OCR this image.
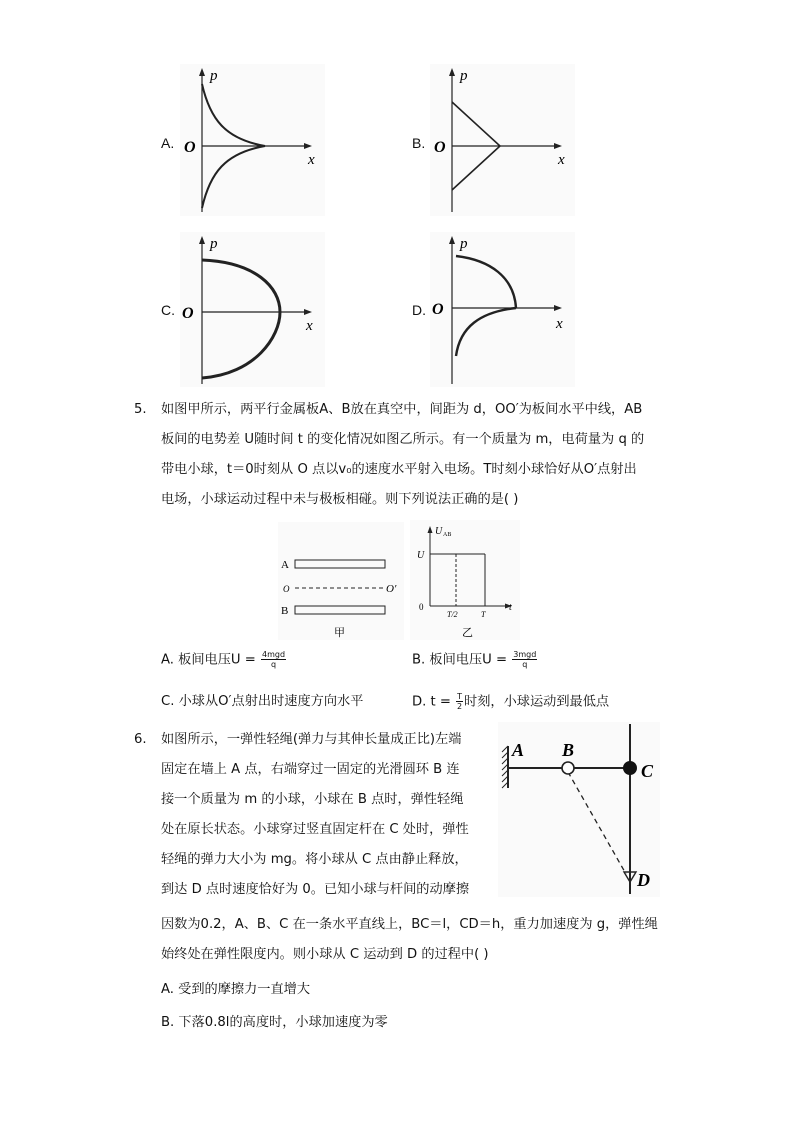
A.
p
O
x
B.
p
O
x
C.
p
O
x
D.
p
O
x
5. 如图甲所示，两平行金属板A、B放在真空中，间距为 d，OO′为板间水平中线，AB
板间的电势差 U随时间 t 的变化情况如图乙所示。有一个质量为 m，电荷量为 q 的
带电小球，t＝0时刻从 O 点以v₀的速度水平射入电场。T时刻小球恰好从O′点射出
电场，小球运动过程中未与极板相碰。则下列说法正确的是( )
A
B
O	O′
甲
U AB
U
0
T/2	T
t
乙
A. 板间电压$U = \frac{\text{4mgd}}{q}$	B. 板间电压$U = \frac{\text{3mgd}}{q}$
C. 小球从O′点射出时速度方向水平	D. $t = \frac{T}{2}$ 时刻，小球运动到最低点
6. 如图所示，一弹性轻绳(弹力与其伸长量成正比)左端
固定在墙上 A 点，右端穿过一固定的光滑圆环 B 连
接一个质量为 m 的小球，小球在 B 点时，弹性轻绳
处在原长状态。小球穿过竖直固定杆在 C 处时，弹性
轻绳的弹力大小为 mg。将小球从 C 点由静止释放，
到达 D 点时速度恰好为 0。已知小球与杆间的动摩擦
因数为0.2，A、B、C 在一条水平直线上，BC＝l，CD＝h，重力加速度为 g，弹性绳
始终处在弹性限度内。则小球从 C 运动到 D 的过程中( )
A B
C
D
A. 受到的摩擦力一直增大
B. 下落0.8l的高度时，小球加速度为零
